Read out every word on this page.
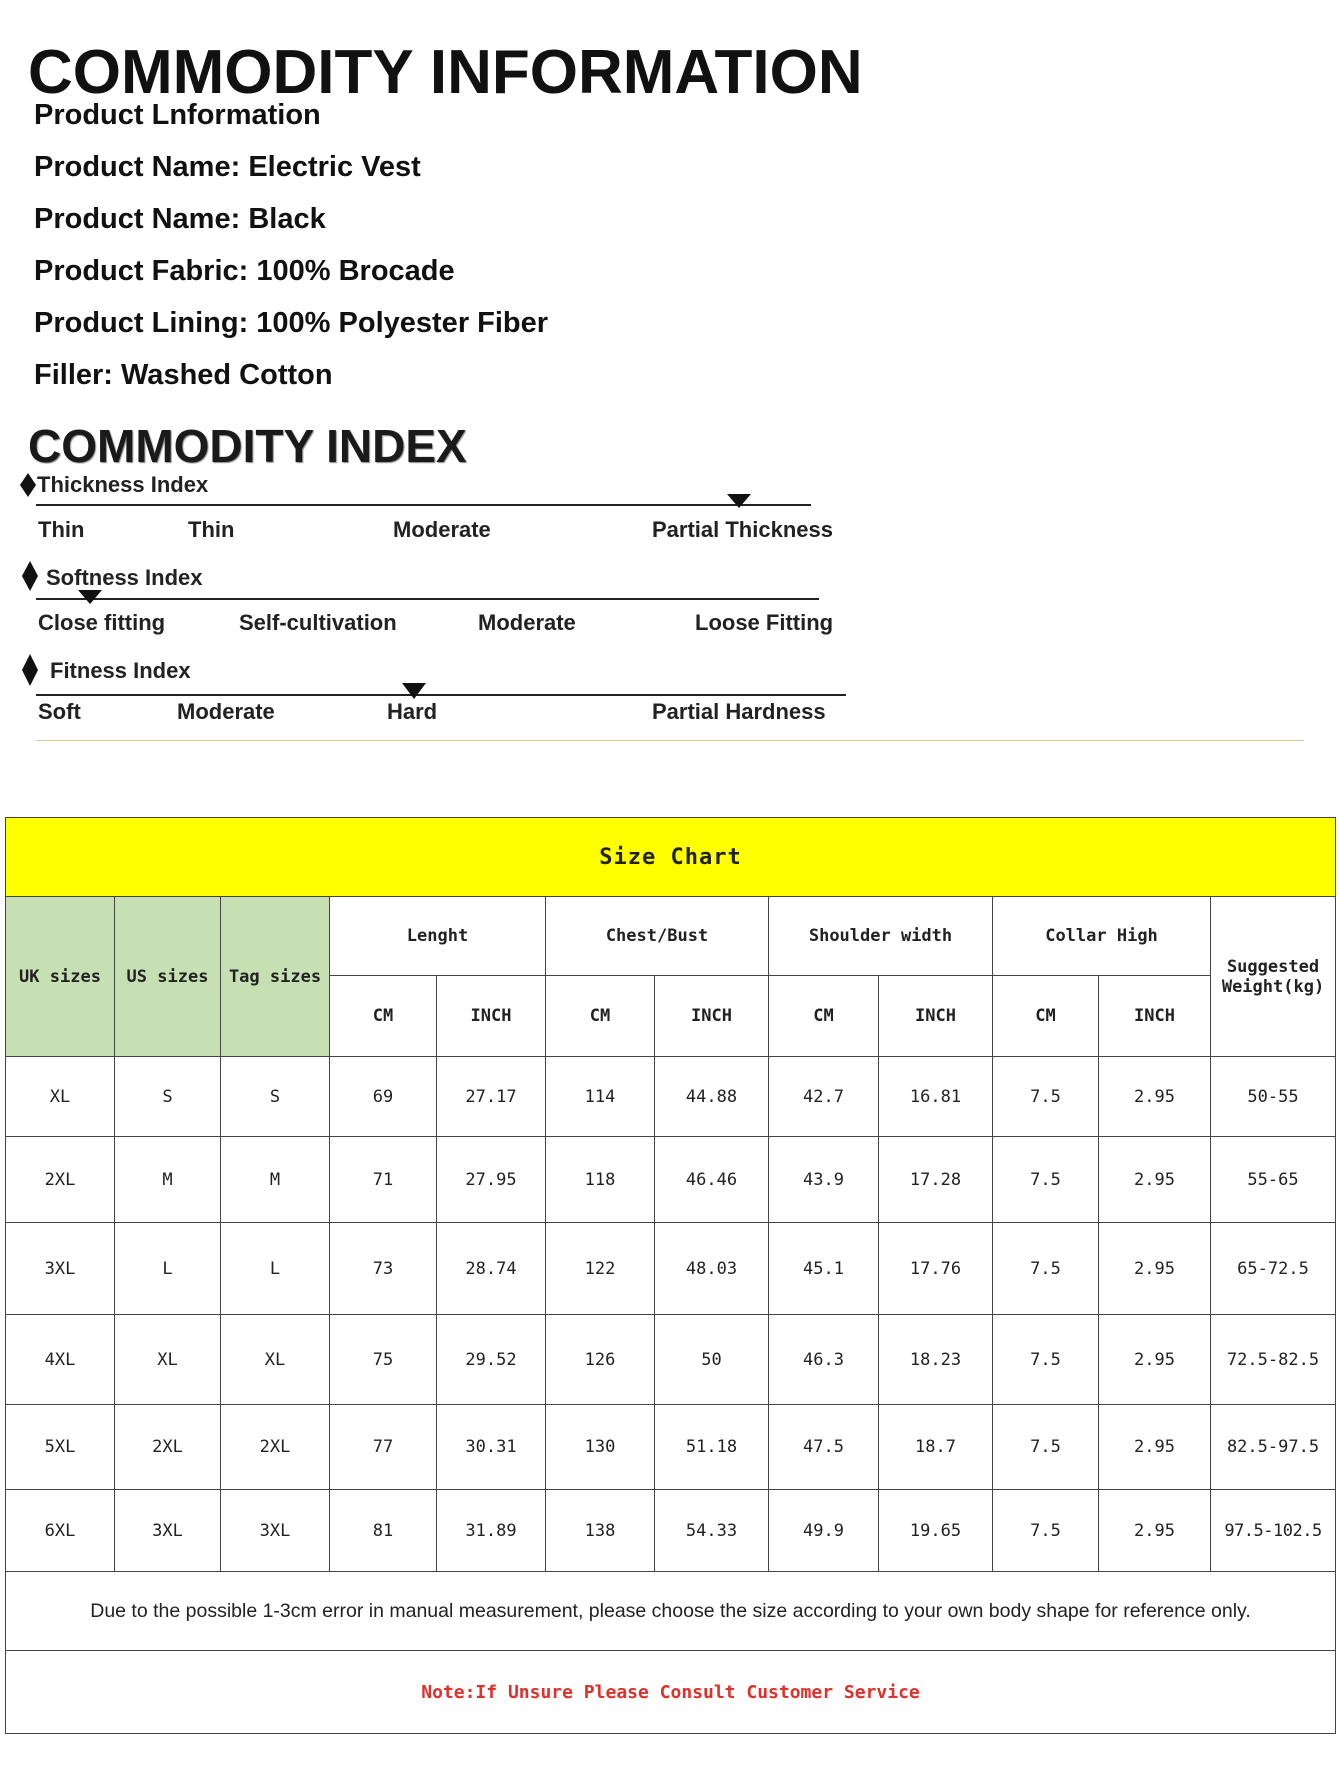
COMMODITY INFORMATION
Product Lnformation
Product Name: Electric Vest
Product Name: Black
Product Fabric: 100% Brocade
Product Lining: 100% Polyester Fiber
Filler: Washed Cotton
COMMODITY INDEX
Thickness Index
Thin	Thin	Moderate	Partial Thickness
Softness Index
Close fitting	Self-cultivation	Moderate	Loose Fitting
Fitness Index
Soft	Moderate	Hard	Partial Hardness
Size Chart											
UK sizes	US sizes	Tag sizes	Lenght		Chest/Bust		Shoulder width		Collar High		Suggested Weight(kg)
			CM	INCH	CM	INCH	CM	INCH	CM	INCH	
XL	S	S	69	27.17	114	44.88	42.7	16.81	7.5	2.95	50-55
2XL	M	M	71	27.95	118	46.46	43.9	17.28	7.5	2.95	55-65
3XL	L	L	73	28.74	122	48.03	45.1	17.76	7.5	2.95	65-72.5
4XL	XL	XL	75	29.52	126	50	46.3	18.23	7.5	2.95	72.5-82.5
5XL	2XL	2XL	77	30.31	130	51.18	47.5	18.7	7.5	2.95	82.5-97.5
6XL	3XL	3XL	81	31.89	138	54.33	49.9	19.65	7.5	2.95	97.5-102.5
Due to the possible 1-3cm error in manual measurement, please choose the size according to your own body shape for reference only.											
Note:If Unsure Please Consult Customer Service											
